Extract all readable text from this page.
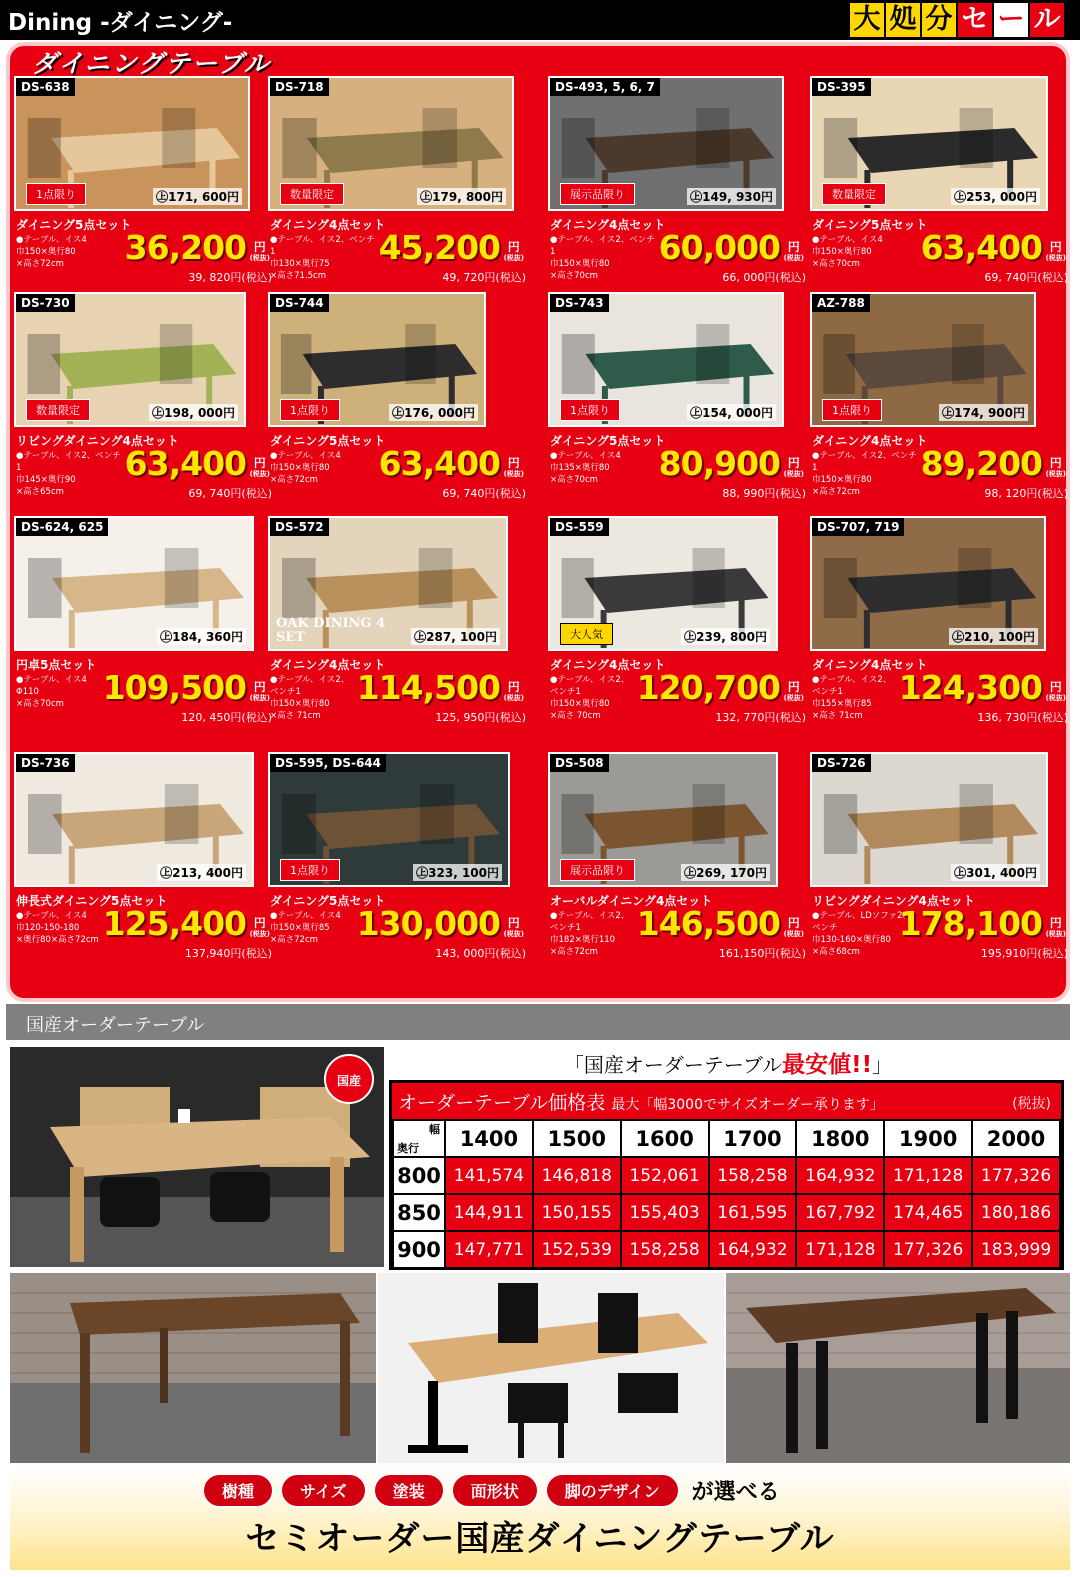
Dining -ダイニング-	大 処 分 セ ー ル
ダイニングテーブル
DS-638
1点限り	㊤171, 600円
ダイニング5点セット
●テーブル、イス4
巾150×奥行80
×高さ72cm	36,200 円
(税抜)
39, 820円(税込)
DS-718
数量限定	㊤179, 800円
ダイニング4点セット
●テーブル、イス2、ベンチ1
巾130×奥行75
×高さ71.5cm
45,200 円
(税抜)
49, 720円(税込)
DS-493, 5, 6, 7
展示品限り	㊤149, 930円
ダイニング4点セット
●テーブル、イス2、ベンチ1
巾150×奥行80
×高さ70cm
60,000 円
(税抜)
66, 000円(税込)
DS-395
数量限定	㊤253, 000円
ダイニング5点セット
●テーブル、イス4
巾150×奥行80
×高さ70cm	63,400 円
(税抜)
69, 740円(税込)
DS-730
数量限定	㊤198, 000円
リビングダイニング4点セット
●テーブル、イス2、ベンチ1
巾145×奥行90
×高さ65cm
63,400 円
(税抜)
69, 740円(税込)
DS-744
1点限り	㊤176, 000円
ダイニング5点セット
●テーブル、イス4
巾150×奥行80
×高さ72cm	63,400 円
(税抜)
69, 740円(税込)
DS-743
1点限り	㊤154, 000円
ダイニング5点セット
●テーブル、イス4
巾135×奥行80
×高さ70cm	80,900 円
(税抜)
88, 990円(税込)
AZ-788
1点限り	㊤174, 900円
ダイニング4点セット
●テーブル、イス2、ベンチ1
巾150×奥行80
×高さ72cm
89,200 円
(税抜)
98, 120円(税込)
DS-624, 625
㊤184, 360円
円卓5点セット
●テーブル、イス4
Φ110
×高さ70cm	109,500 円
(税抜)
120, 450円(税込)
DS-572
OAK DINING 4 SET	㊤287, 100円
ダイニング4点セット
●テーブル、イス2、
ベンチ1
巾150×奥行80
×高さ 71cm
114,500 円
(税抜)
125, 950円(税込)
DS-559
大人気	㊤239, 800円
ダイニング4点セット
●テーブル、イス2、
ベンチ1
巾150×奥行80
×高さ 70cm
120,700 円
(税抜)
132, 770円(税込)
DS-707, 719
㊤210, 100円
ダイニング4点セット
●テーブル、イス2、
ベンチ1
巾155×奥行85
×高さ 71cm
124,300 円
(税抜)
136, 730円(税込)
DS-736
㊤213, 400円
伸長式ダイニング5点セット
●テーブル、イス4
巾120-150-180
×奥行80×高さ72cm 125,400 円
(税抜)
137,940円(税込)
DS-595, DS-644
1点限り	㊤323, 100円
ダイニング5点セット
●テーブル、イス4
巾150×奥行85
×高さ72cm	130,000 円
(税抜)
143, 000円(税込)
DS-508
展示品限り	㊤269, 170円
オーバルダイニング4点セット
●テーブル、イス2、
ベンチ1
巾182×奥行110
×高さ72cm
146,500 円
(税抜)
161,150円(税込)
DS-726
㊤301, 400円
リビングダイニング4点セット
●テーブル、LDソファ2、
ベンチ
巾130-160×奥行80
×高さ68cm
178,100 円
(税抜)
195,910円(税込)
国産オーダーテーブル
国産
「国産オーダーテーブル最安値!!」
オーダーテーブル価格表 最大「幅3000でサイズオーダー承ります」	(税抜)
幅
奥行	1400	1500	1600	1700	1800	1900	2000
800	141,574	146,818	152,061	158,258	164,932	171,128	177,326
850	144,911	150,155	155,403	161,595	167,792	174,465	180,186
900	147,771	152,539	158,258	164,932	171,128	177,326	183,999
樹種	サイズ	塗装	面形状	脚のデザイン	が選べる
セミオーダー国産ダイニングテーブル
